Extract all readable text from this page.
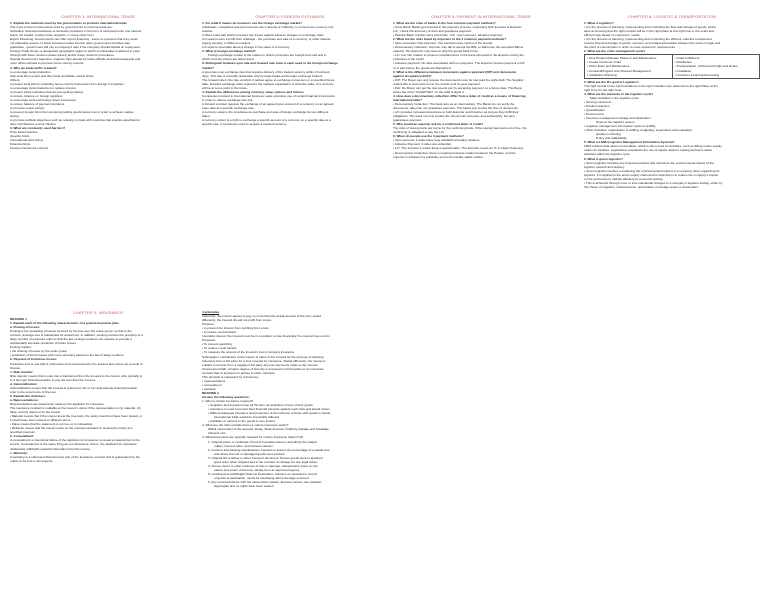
CHAPTER 3: INTERNATIONAL TRADE
1. Explain the methods used by the governments to promote international trade
The most common instruments used by governments to promote trade are:
Subsidies: financial assistance to domestic producers in the form of cash payments, low interest
loans, tax breaks, product price supports, or some other form.
Export Financing: Governments can offer export financing - loans to exporters that they could
not otherwise receive or loans at below-market interest rates; government provides loan
guarantee - government will pay a company's loan if the company should default on repayment.
Foreign Trade Zones: a designated geographic region in which merchandise is allowed to pass
through with lower customs duties (taxes) and/or fewer customs procedures.
Special Government Agencies: organize trips abroad for trade officials and businesspeople and
open offices abroad to promote home country exports.
2. Why we trade tariffs created?
to encourage local production
help local firms export and thus build worldwide market share
Others:
to protect local jobs by shielding home country businesses from foreign competition
to encourage local production to replace imports
to protect infant industries that are just getting started
to reduce reliance on foreign suppliers
to encourage local and foreign direct investment
to reduce balance of payment problems
to promote export activity
to prevent foreign firms from dumping (selling goods below cost in order to achieve market
share)
to promote political objectives such as refusing to trade with countries that practice apartheid or
deny civil liberties to their citizens
3. What are commonly used barriers?
Price based barriers
Quantity limits
International price fixing
Financial limits
Foreign investment controls
CHAPTER 5: FOREIGN EXCHANGE
1. For what it means do investors use the foreign exchange market?
Individuals, companies and governments use it directly or indirectly, to convert one currency into
another.
It offers tools with which investors can insure against adverse changes in exchange rates
It is used to earn a profit from arbitrage - the purchase and sale of a currency, or other interest
paying security, in different markets
It is used to speculate about a change in the value of a currency
2. What is foreign exchange market?
Foreign exchange market is the market in which currencies are bought and sold and in
which currency prices are determined.
3. Distinguish between spot rate and forward rate. How is each used in the foreign exchange
market?
A spot rate is an exchange rate that requires delivery of the traded currency within 2 business
days. This rate is normally obtainable only by large banks and foreign exchange brokers.
The forward rate is the rate at which 2 parties agree to exchange currencies on a specified future
date. Forward exchange rates represent the markets expectation of what the value of a currency
will be at some point in the future.
4. Explain the differences among currency swap, options and futures.
Companies involved in international business make extensive use of certain financial instruments
in order to reduce exchange rate risk.
A forward contract requires the exchange of an agreed upon amount of a currency on an agreed
upon date at a specific exchange rate.
A currency swap is the simultaneous purchase and sale of foreign exchange for two different
dates.
A currency option is a right to exchange a specific amount of a currency on a specific date at a
specific rate. It sometimes used to acquire a needed currency.
CHAPTER 9: PAYMENT IN INTERNATIONAL TRADE
1. What are the roles of banks in the four common payment methods?
• Issue Bank: Banks get involved in the payment process, supporting both Importer & Exporter
L/C : check the accuracy of docs and guarantee payment
• Passive Bank: transfer docs and funds - DC : open account, advance payment
2. What are the risks faced by exporters in the 4 common payment methods?
• Open accounts: Non-payment. The exporters lose control of the Goods.
• Documentary collection: Importer may fail to accept the B/E, or dishonour the accepted B/E at
maturity. The Exporter may have to ship the goods back home.
• L/C: low risk. Failure to present compliant docs to the bank will result in the Exporter losing the
protection of the credit.
• Advance payment: No risks associated with non payment. The Exporter receive payment in full
or in part before the goods are dispatched.
3. What is the difference between documents against payment (D/P) and documents
against acceptance (D/A)?
• D/P: The Buyer can only receive the documents once he has paid the sight draft. The Supplier
retains title to and control over the Goods until he gets payment.
• D/A: the Buyer can get the documents just by accepting payment on a future date. The Buyer
writes the word "ACCEPTED" on the draft & signs it.
4. How does a documentary collection differ from a letter of credit as a means of financing
international trade?
• Documentary Collection: The bank acts as an intermediary. The Banks do not verify the
documents, take risk, nor guarantee payment. The banks just control the flow of documents.
• L/C provides increased assurance to both Exporter and Importer as long as they fulfill their
obligations. The bank not only verifies the documents' accuracy and authenticity, but also
guarantees payment.
5. Why would an exporter ask for a confirmed letter of credit?
The risks of issuing bank are borne by the confirming bank. If the issuing bank gets out of line, the
confirming is obligated to pay the L/C.
6. When do people use the 4 payment methods?
• Open account: 2 sides have long established trading relations.
• Advance Payment: 2 sides are unfamiliar.
• L/C: The Importer's credit rating is questionable. The Exporter needs an IC to obtain financing.
• Documentary Collection: there is ongoing business relation between the Parties, and the
Importer is situated in a politically and economically stable market.
CHAPTER 8: LOGISTIC & TRANSPORTATION
1. What is logistics?
• It is the process of planning, implementing and controlling the flow and storage of goods, which
aims at ensuring that the right product will be in the right place at the right time in the exact and
efficient way based on customers' needs.
• It is the process of planning, implementing and controlling the efficient, effective forward and
reverse flow and storage of goods, services, and related information between the point of origin and
the point of consumption in order to meet customers' requirements
2. What are the order management cycle?
• New Product Release Phase In and Maintenance
• Create Customer Order
• Order Entry and Maintenance
• Contract/Program and Channel Management
• Installation Planning
• Order Fulfillment
• Distribution
• Transportation, Outbound Freight and Duties
• Installation
• Customer Invoicing/Accounting
3. What are the R's goal in Logistics?
The right Goods to the right Conditions to the right Condition are delivered to the right Place at the
right Time for the right Cost.
4. What are the elements in the logistics cycle?
Major activities in the logistics cycle:
• Serving customers
• Product selection
• Quantification
• Procurement
• Inventory management storage and distribution
Heart of the logistics system
• Logistics management information systems (LMIS)
• Other activities: organization & staffing, budgeting, supervision and evaluation
Quality monitoring
Policy and adaptability
5. What is LMIS (Logistics Management Information System)?
LMIS collects data about commodities, which is often used for activities, such as filling routine supply
orders for facilities. Logisticians emphasize the use of logistic data for making decisions about
activities within the logistics cycle.
6. What is green logistics?
• Green logistics includes any business practice that minimizes the environmental impact of the
logistics network and delivery.
• Green logistics involves considering the environmental footprint of a company when organizing its
logistics. It is applied to the entire supply chain and its objective is to reduce the company's impact
on the environment, without affecting its economic activity.
• This is achieved through more or less substantial changes in a company's logistics activity, either by
the choice of suppliers, infrastructures, optimization of storage space or automation.
CHAPTER 9: INSURANCE
READING 1
1. Explain each of the following characteristics of a typical insurance plan.
a. Pooling of losses:
Pooling is the spreading of losses incurred by the few over the entire group, so that in the
process, average loss is substituted for actual loss. In addition, pooling involves the grouping of a
large number of exposure units so that the law of large numbers can operate to provide a
substantially accurate prediction of future losses.
Pooling implies:
• the sharing of losses by the entire group
• prediction of future losses with some accuracy based on the law of large numbers
b. Payment of fortuitous losses:
Fortuitous loss is one that is unforeseen and unexpected by the insured and occurs as a result of
chance.
c. Risk transfer:
Risk transfer means that a pure risk is transferred from the insured to the insurer, who typically is
in a stronger financial position to pay the loss than the insured.
d. Indemnification:
Indemnification means that the insured is restored to his or her approximate financial position
prior to the occurrence of the loss.
2. Explain the doctrines:
a. Representations:
Representations are statements made by the applicant for insurance.
The insurance contract is voidable at the insurer's option if the representation is (1) material, (2)
false, and (3) relied on by the insurer.
• Material means that if the insurer knew the true facts, the policy would not have been issued, or
it would have been issued on different terms.
• False means that the statement is not true or is misleading.
• Reliance means that the insurer relies on the misrepresentation in issuing the policy at a
specified premium.
b. Concealment:
A concealment is intentional failure of the applicant for insurance to reveal a material fact to the
insurer. Concealment is the same thing as non-disclosure; that is, the applicant for insurance
deliberately withholds material information from the insurer.
c. Warranty:
A warranty is a statement that becomes part of the insurance contract and is guaranteed by the
maker to be true in all respects.
4 principles
Indemnity: the insurer agrees to pay no more than the actual amount of the loss; stated
differently, the insured should not profit from a loss.
Purpose:
• to prevent the insured from profiting from a loss
• to reduce moral hazard
Insurable interest: the insured must be in a position to lose financially if a covered loss occurs.
Purposes:
• To prevent gambling
• To reduce moral hazard
• To measure the amount of the insured's loss in property insurance
Subrogation: substitution of the insurer in place of the insured for the purpose of claiming
indemnity from a 3rd party for a loss covered by insurance. Stated differently, the insurer is
entitled to recover from a negligent 3rd party any loss payments made to the insured.
Utmost good faith: a higher degree of honesty is imposed on both parties to an insurance
contract than is imposed on parties to other contracts.
This principle is supported by 3 doctrines:
• representations
• concealment
• warranty
READING 2
Answer the following questions:
1. Why is marine insurance required?
• Suppliers and importers lose all the time uncertainties of loss of their goods
• Insurance is used to protect their financial interests against such risks and actual losses
• Without adequate insurance and protection of the interests of those with goods in transit,
international trade would be impossibly affected
• Liabilities of carriers to the goods is very limited
2. What are the risks excluded from a marine insurance policy?
Willful misconduct of the assured, Delay, Wear and tear, Ordinary leakage and breakage,
Inherent vice
3. What documents are typically required for marine insurance claims? (8)
1. Original policy or certificate: Proof of insurable interest, describing the subject
matter, insured value, and relevant clauses
2. Invoices and packing specifications: Needed to assess the percentage of a partial loss
and where the lost or damaged goods were packed
3. Original bill of lading or other transport document: Proves goods were in apparent
good order when shipped and is the contract of carriage for any legal action
4. Survey report or other evidence of loss or damage: Independent report on the
nature and extent of the loss, ideally from an approved agency
5. Landing Account/Weight Notes at Destination: Carrier's or stevedore's record
of goods at destination, useful for identifying where damage occurred
6. Any correspondence with the carrier/other parties: Ensures carriers can maintain
legal rights and no rights have been waived
